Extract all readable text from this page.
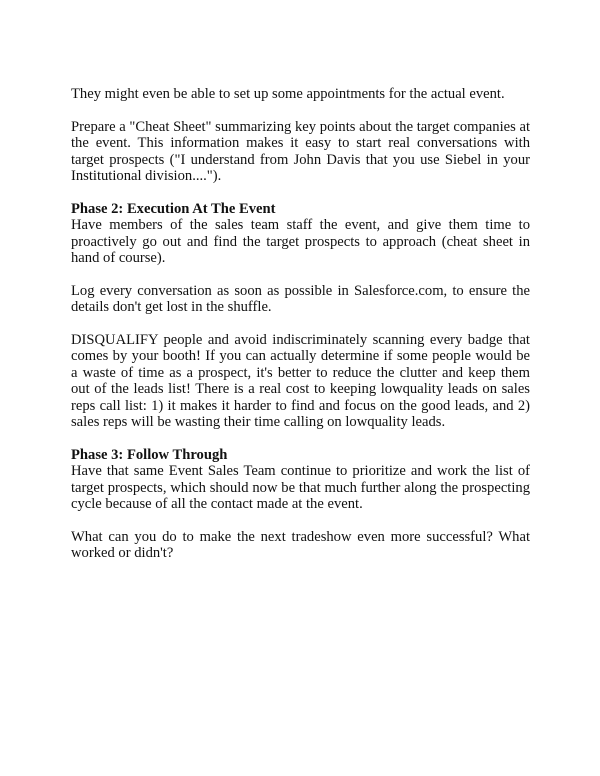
They might even be able to set up some appointments for the actual event.

Prepare a "Cheat Sheet" summarizing key points about the target companies at the event. This information makes it easy to start real conversations with target prospects ("I understand from John Davis that you use Siebel in your Institutional division....").

Phase 2: Execution At The Event

Have members of the sales team staff the event, and give them time to proactively go out and find the target prospects to approach (cheat sheet in hand of course).

Log every conversation as soon as possible in Salesforce.com, to ensure the details don't get lost in the shuffle.

DISQUALIFY people and avoid indiscriminately scanning every badge that comes by your booth! If you can actually determine if some people would be a waste of time as a prospect, it's better to reduce the clutter and keep them out of the leads list! There is a real cost to keeping lowquality leads on sales reps call list: 1) it makes it harder to find and focus on the good leads, and 2) sales reps will be wasting their time calling on lowquality leads.

Phase 3: Follow Through

Have that same Event Sales Team continue to prioritize and work the list of target prospects, which should now be that much further along the prospecting cycle because of all the contact made at the event.

What can you do to make the next tradeshow even more successful? What worked or didn't?
